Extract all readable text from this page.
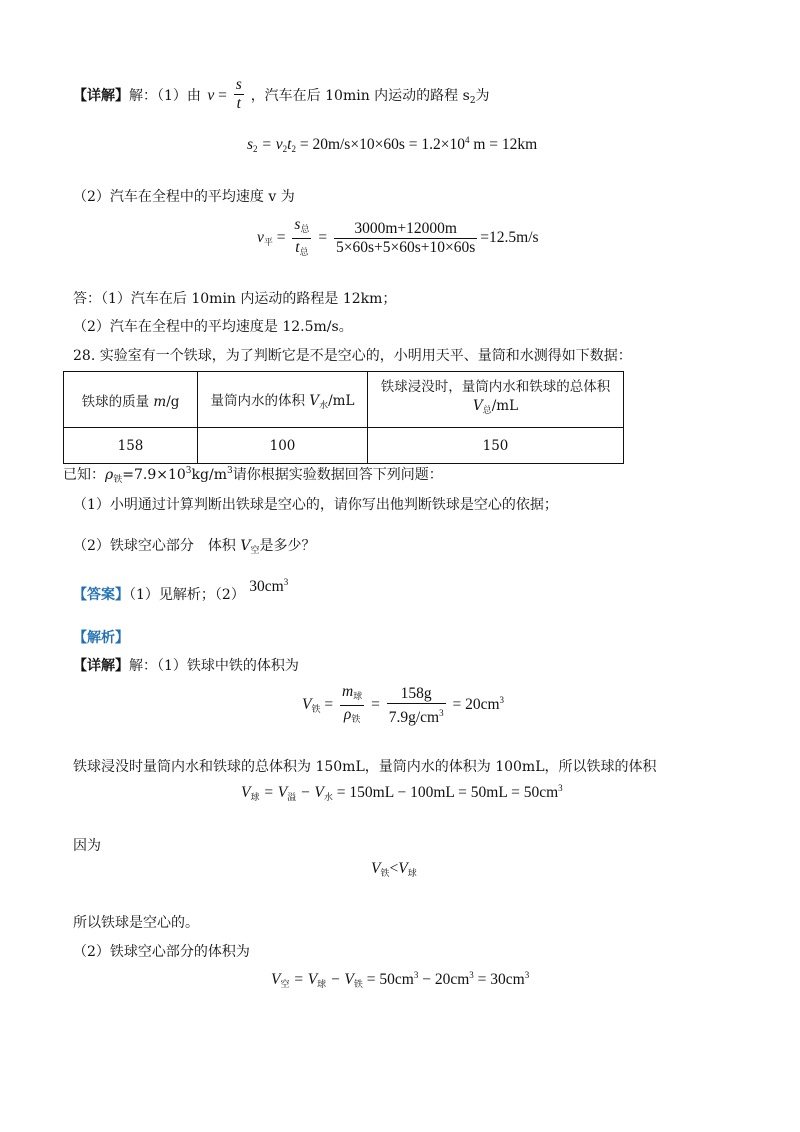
【详解】解：（1）由 $v = \frac{s}{t}$ ，汽车在后 10min 内运动的路程 $s_2$为
$s_2 = v_2t_2 = 20m/s\times 10\times 60s = 1.2\times 10^4$ m = 12km
（2）汽车在全程中的平均速度 v 为
$v_平 = \frac{s_总}{t_总} = \frac{3000m+12000m}{5\times 60s+5\times 60s+10\times 60s} =12.5m/s$
答：（1）汽车在后 10min 内运动的路程是 12km；
（2）汽车在全程中的平均速度是 12.5m/s。
28. 实验室有一个铁球，为了判断它是不是空心的，小明用天平、量筒和水测得如下数据：
铁球的质量 m/g	量筒内水的体积 $V_水/mL$	铁球浸没时，量筒内水和铁球的总体积
$V_总/mL$
158	100	150
已知：$\rho_铁=7.9\times 10^3kg/m^3$请你根据实验数据回答下列问题：
（1）小明通过计算判断出铁球是空心的，请你写出他判断铁球是空心的依据；
（2）铁球空心部分　体积 $V_空$是多少？
【答案】（1）见解析；（2） $30cm^3$
【解析】
【详解】解：（1）铁球中铁的体积为
$V_铁 = \frac{m_球}{\rho_铁} = \frac{158g}{7.9g/cm^3} = 20cm^3$
铁球浸没时量筒内水和铁球的总体积为 150mL，量筒内水的体积为 100mL，所以铁球的体积
$V_球 = V_溢 - V_水 = 150mL - 100mL = 50mL = 50cm^3$
因为
$V_铁<V_球$
所以铁球是空心的。
（2）铁球空心部分的体积为
$V_空 = V_球 - V_铁 = 50cm^3 - 20cm^3 = 30cm^3$
